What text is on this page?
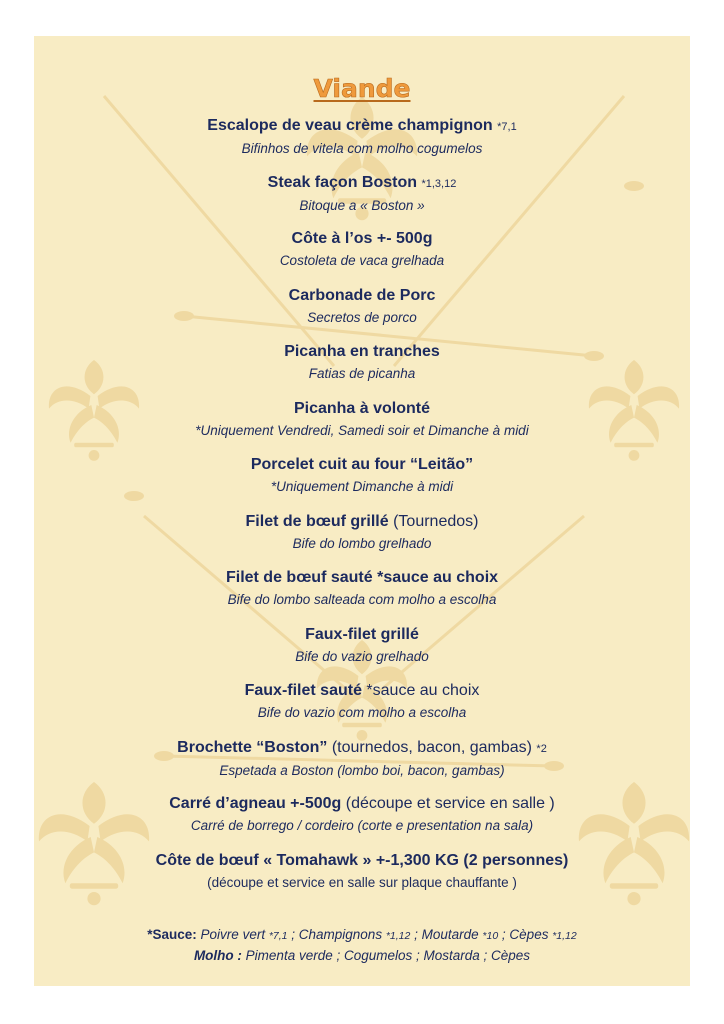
Viande
Escalope de veau crème champignon *7,1
Bifinhos de vitela com molho cogumelos
Steak façon Boston *1,3,12
Bitoque a « Boston »
Côte à l’os +- 500g
Costoleta de vaca grelhada
Carbonade de Porc
Secretos de porco
Picanha en tranches
Fatias de picanha
Picanha à volonté
*Uniquement Vendredi, Samedi soir et Dimanche à midi
Porcelet cuit au four “Leitão”
*Uniquement Dimanche à midi
Filet de bœuf grillé (Tournedos)
Bife do lombo grelhado
Filet de bœuf sauté *sauce au choix
Bife do lombo salteada com molho a escolha
Faux-filet grillé
Bife do vazio grelhado
Faux-filet sauté *sauce au choix
Bife do vazio com molho a escolha
Brochette “Boston” (tournedos, bacon, gambas) *2
Espetada a Boston (lombo boi, bacon, gambas)
Carré d’agneau +-500g (découpe et service en salle )
Carré de borrego / cordeiro (corte e presentation na sala)
Côte de bœuf « Tomahawk » +-1,300 KG (2 personnes)
(découpe et service en salle sur plaque chauffante )
*Sauce: Poivre vert *7,1 ; Champignons *1,12 ; Moutarde *10 ; Cèpes *1,12
Molho : Pimenta verde ; Cogumelos ; Mostarda ; Cèpes
